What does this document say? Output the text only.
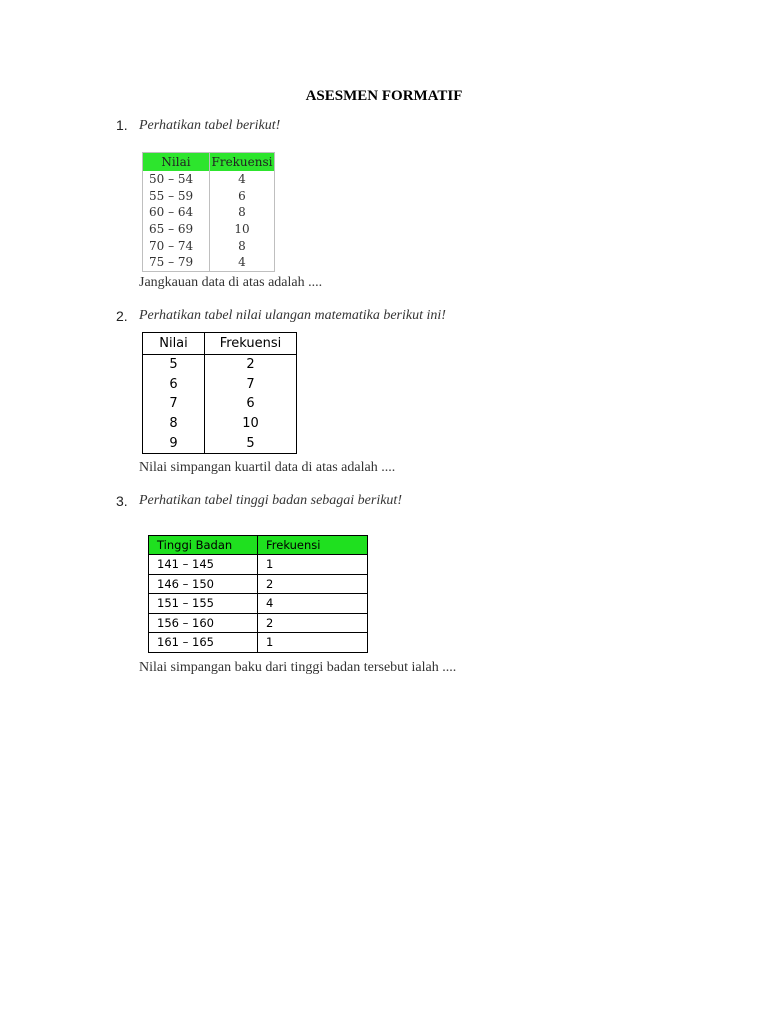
ASESMEN FORMATIF
1. Perhatikan tabel berikut!
Nilai	Frekuensi
50 – 54	4
55 – 59	6
60 – 64	8
65 – 69	10
70 – 74	8
75 – 79	4
Jangkauan data di atas adalah ....
2. Perhatikan tabel nilai ulangan matematika berikut ini!
Nilai	Frekuensi
5	2
6	7
7	6
8	10
9	5
Nilai simpangan kuartil data di atas adalah ....
3. Perhatikan tabel tinggi badan sebagai berikut!
Tinggi Badan	Frekuensi
141 – 145	1
146 – 150	2
151 – 155	4
156 – 160	2
161 – 165	1
Nilai simpangan baku dari tinggi badan tersebut ialah ....
